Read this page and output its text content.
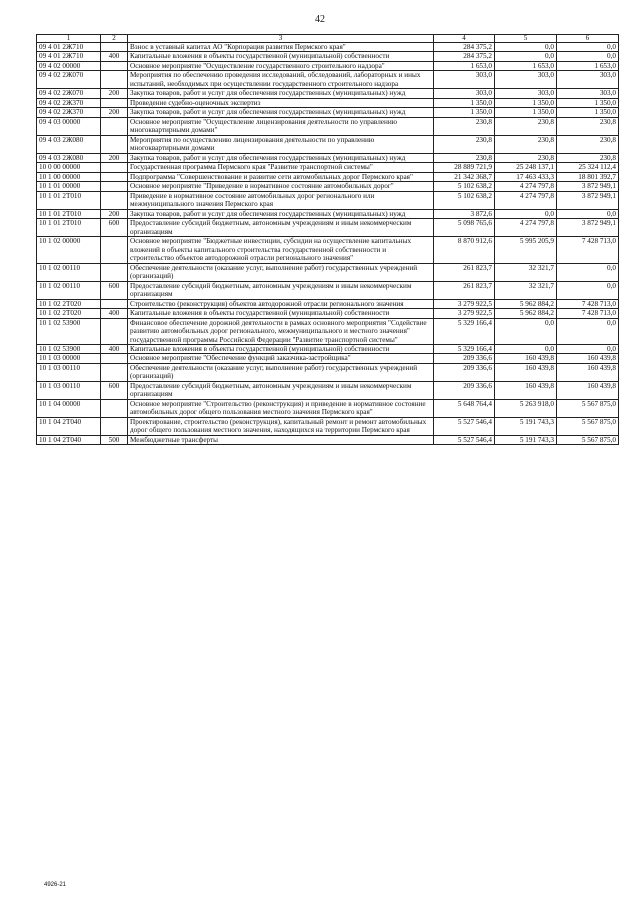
42
1	2	3	4	5	6
09 4 01 2Ж710		Взнос в уставный капитал АО "Корпорация развития Пермского края"	284 375,2	0,0	0,0
09 4 01 2Ж710	400	Капитальные вложения в объекты государственной (муниципальной) собственности	284 375,2	0,0	0,0
09 4 02 00000		Основное мероприятие "Осуществление государственного строительного надзора"	1 653,0	1 653,0	1 653,0
09 4 02 2Ж070		Мероприятия по обеспечению проведения исследований, обследований, лабораторных и иных испытаний, необходимых при осуществлении государственного строительного надзора	303,0	303,0	303,0
09 4 02 2Ж070	200	Закупка товаров, работ и услуг для обеспечения государственных (муниципальных) нужд	303,0	303,0	303,0
09 4 02 2Ж370		Проведение судебно-оценочных экспертиз	1 350,0	1 350,0	1 350,0
09 4 02 2Ж370	200	Закупка товаров, работ и услуг для обеспечения государственных (муниципальных) нужд	1 350,0	1 350,0	1 350,0
09 4 03 00000		Основное мероприятие "Осуществление лицензирования деятельности по управлению многоквартирными домами"	230,8	230,8	230,8
09 4 03 2Ж080		Мероприятия по осуществлению лицензирования деятельности по управлению многоквартирными домами	230,8	230,8	230,8
09 4 03 2Ж080	200	Закупка товаров, работ и услуг для обеспечения государственных (муниципальных) нужд	230,8	230,8	230,8
10 0 00 00000		Государственная программа Пермского края "Развитие транспортной системы"	28 889 721,9	25 248 137,1	25 324 112,4
10 1 00 00000		Подпрограмма "Совершенствование и развитие сети автомобильных дорог Пермского края"	21 342 368,7	17 463 433,3	18 801 392,7
10 1 01 00000		Основное мероприятие "Приведение в нормативное состояние автомобильных дорог"	5 102 638,2	4 274 797,8	3 872 949,1
10 1 01 2Т010		Приведение в нормативное состояние автомобильных дорог регионального или межмуниципального значения Пермского края	5 102 638,2	4 274 797,8	3 872 949,1
10 1 01 2Т010	200	Закупка товаров, работ и услуг для обеспечения государственных (муниципальных) нужд	3 872,6	0,0	0,0
10 1 01 2Т010	600	Предоставление субсидий бюджетным, автономным учреждениям и иным некоммерческим организациям	5 098 765,6	4 274 797,8	3 872 949,1
10 1 02 00000		Основное мероприятие "Бюджетные инвестиции, субсидии на осуществление капитальных вложений в объекты капитального строительства государственной собственности и строительство объектов автодорожной отрасли регионального значения"	8 870 912,6	5 995 205,9	7 428 713,0
10 1 02 00110		Обеспечение деятельности (оказание услуг, выполнение работ) государственных учреждений (организаций)	261 823,7	32 321,7	0,0
10 1 02 00110	600	Предоставление субсидий бюджетным, автономным учреждениям и иным некоммерческим организациям	261 823,7	32 321,7	0,0
10 1 02 2Т020		Строительство (реконструкция) объектов автодорожной отрасли регионального значения	3 279 922,5	5 962 884,2	7 428 713,0
10 1 02 2Т020	400	Капитальные вложения в объекты государственной (муниципальной) собственности	3 279 922,5	5 962 884,2	7 428 713,0
10 1 02 53900		Финансовое обеспечение дорожной деятельности в рамках основного мероприятия "Содействие развитию автомобильных дорог регионального, межмуниципального и местного значения" государственной программы Российской Федерации "Развитие транспортной системы"	5 329 166,4	0,0	0,0
10 1 02 53900	400	Капитальные вложения в объекты государственной (муниципальной) собственности	5 329 166,4	0,0	0,0
10 1 03 00000		Основное мероприятие "Обеспечение функций заказчика-застройщика"	209 336,6	160 439,8	160 439,8
10 1 03 00110		Обеспечение деятельности (оказание услуг, выполнение работ) государственных учреждений (организаций)	209 336,6	160 439,8	160 439,8
10 1 03 00110	600	Предоставление субсидий бюджетным, автономным учреждениям и иным некоммерческим организациям	209 336,6	160 439,8	160 439,8
10 1 04 00000		Основное мероприятие "Строительство (реконструкция) и приведение в нормативное состояние автомобильных дорог общего пользования местного значения Пермского края"	5 648 764,4	5 263 918,0	5 567 875,0
10 1 04 2Т040		Проектирование, строительство (реконструкция), капитальный ремонт и ремонт автомобильных дорог общего пользования местного значения, находящихся на территории Пермского края	5 527 546,4	5 191 743,3	5 567 875,0
10 1 04 2Т040	500	Межбюджетные трансферты	5 527 546,4	5 191 743,3	5 567 875,0
4926-21
